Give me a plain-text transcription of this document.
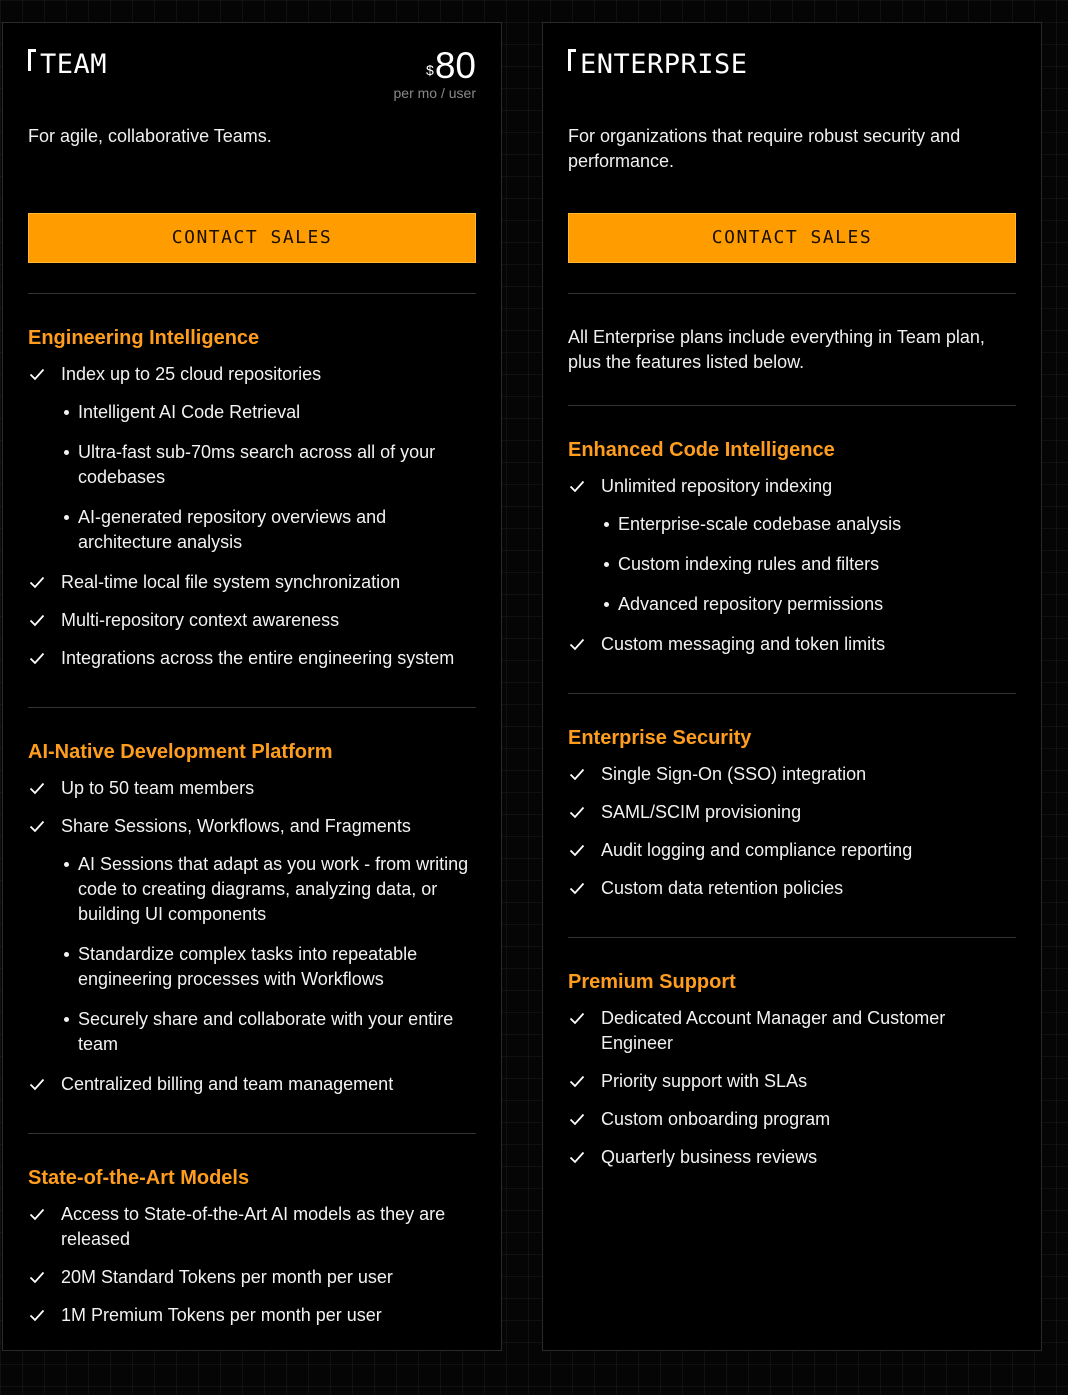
TEAM	$80
per mo / user
For agile, collaborative Teams.
CONTACT SALES
Engineering Intelligence
Index up to 25 cloud repositories
Intelligent AI Code Retrieval
Ultra-fast sub-70ms search across all of your codebases
AI-generated repository overviews and architecture analysis
Real-time local file system synchronization
Multi-repository context awareness
Integrations across the entire engineering system
AI-Native Development Platform
Up to 50 team members
Share Sessions, Workflows, and Fragments
AI Sessions that adapt as you work - from writing code to creating diagrams, analyzing data, or building UI components
Standardize complex tasks into repeatable engineering processes with Workflows
Securely share and collaborate with your entire team
Centralized billing and team management
State-of-the-Art Models
Access to State-of-the-Art AI models as they are released
20M Standard Tokens per month per user
1M Premium Tokens per month per user
ENTERPRISE
For organizations that require robust security and performance.
CONTACT SALES
All Enterprise plans include everything in Team plan, plus the features listed below.
Enhanced Code Intelligence
Unlimited repository indexing
Enterprise-scale codebase analysis
Custom indexing rules and filters
Advanced repository permissions
Custom messaging and token limits
Enterprise Security
Single Sign-On (SSO) integration
SAML/SCIM provisioning
Audit logging and compliance reporting
Custom data retention policies
Premium Support
Dedicated Account Manager and Customer Engineer
Priority support with SLAs
Custom onboarding program
Quarterly business reviews
